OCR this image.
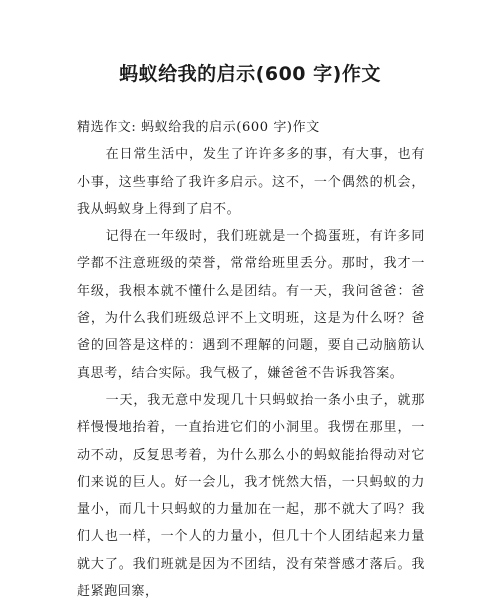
蚂蚁给我的启示(600 字)作文

精选作文: 蚂蚁给我的启示(600 字)作文

在日常生活中，发生了许许多多的事，有大事，也有小事，这些事给了我许多启示。这不，一个偶然的机会，我从蚂蚁身上得到了启不。

记得在一年级时，我们班就是一个捣蛋班，有许多同学都不注意班级的荣誉，常常给班里丢分。那时，我才一年级，我根本就不懂什么是团结。有一天，我问爸爸：爸爸，为什么我们班级总评不上文明班，这是为什么呀？爸爸的回答是这样的：遇到不理解的问题，要自己动脑筋认真思考，结合实际。我气极了，嫌爸爸不告诉我答案。

一天，我无意中发现几十只蚂蚁抬一条小虫子，就那样慢慢地抬着，一直抬进它们的小洞里。我愣在那里，一动不动，反复思考着，为什么那么小的蚂蚁能抬得动对它们来说的巨人。好一会儿，我才恍然大悟，一只蚂蚁的力量小，而几十只蚂蚁的力量加在一起，那不就大了吗？我们人也一样，一个人的力量小，但几十个人团结起来力量就大了。我们班就是因为不团结，没有荣誉感才落后。我赶紧跑回寨，
